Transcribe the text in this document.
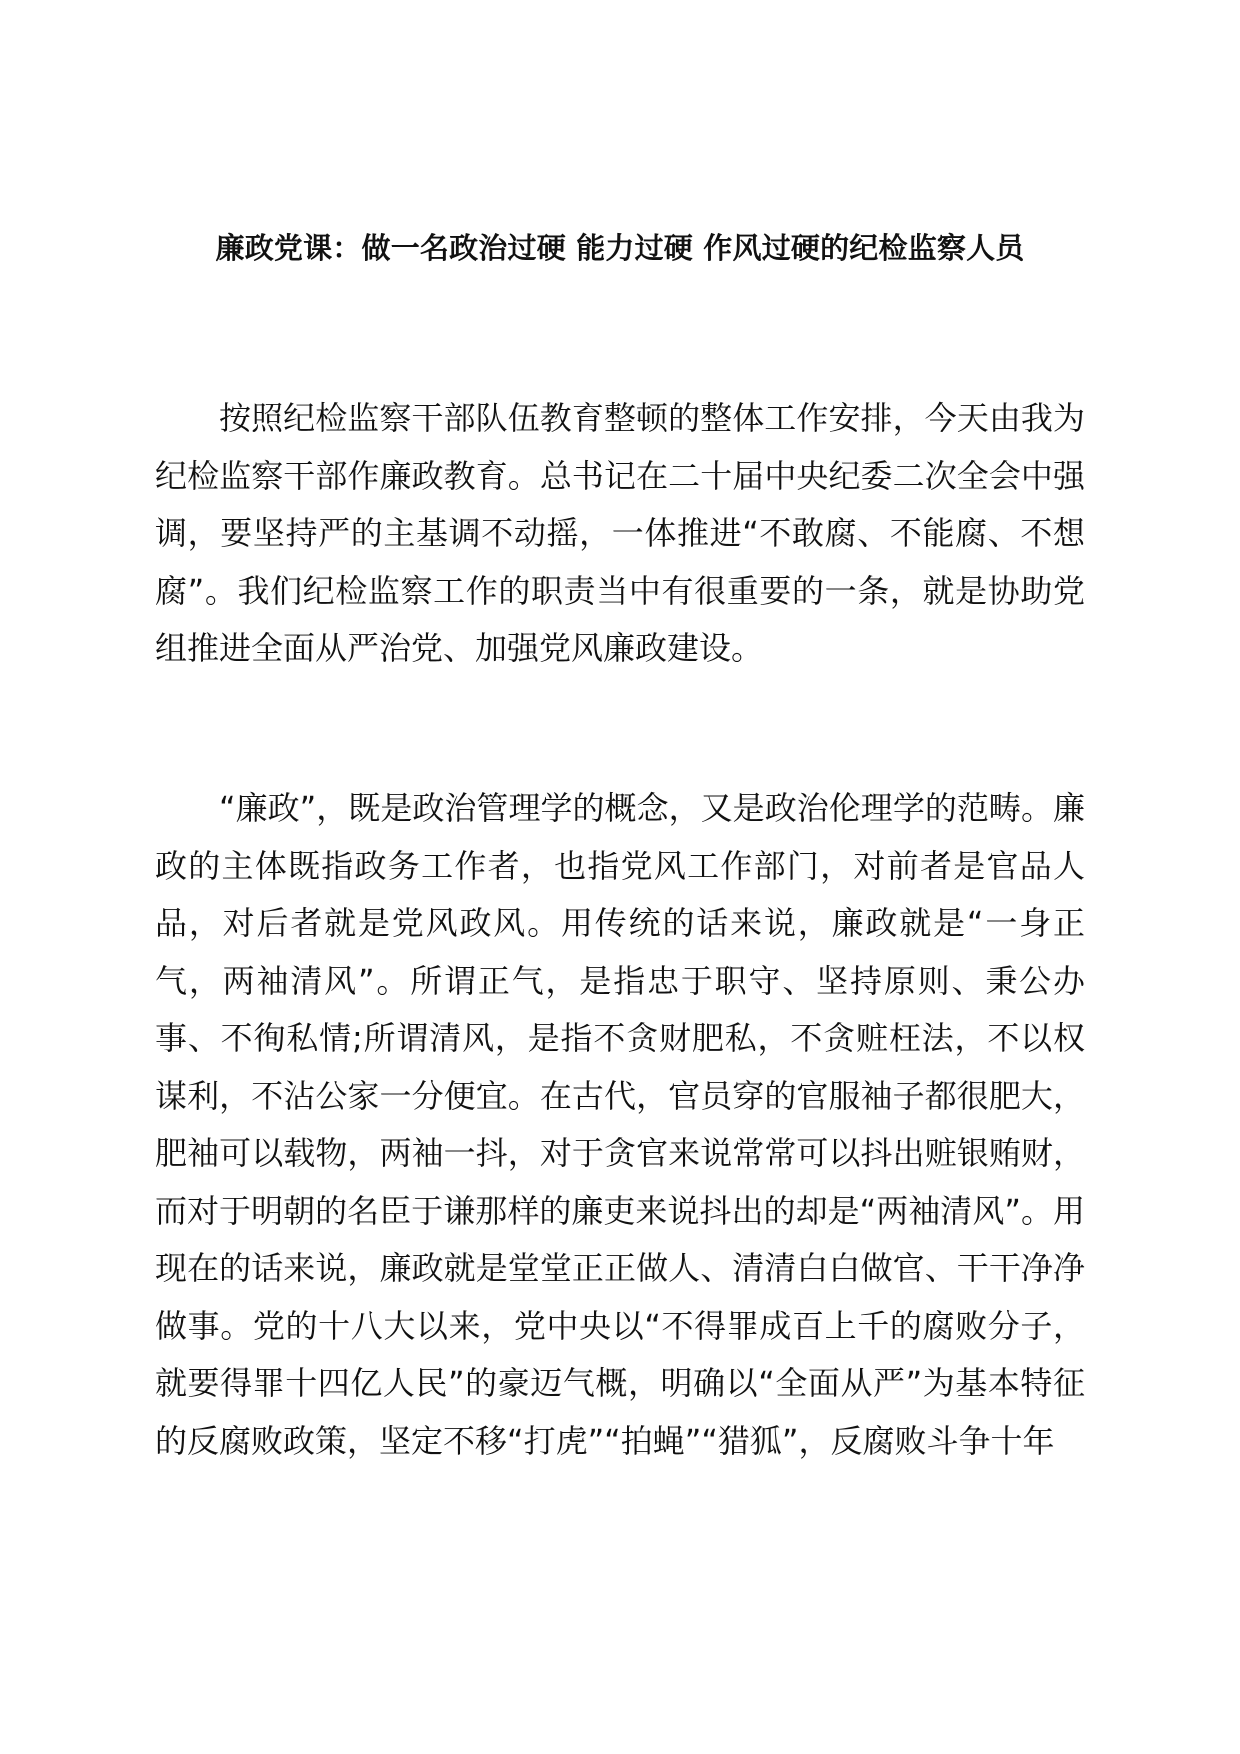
廉政党课：做一名政治过硬 能力过硬 作风过硬的纪检监察人员

按照纪检监察干部队伍教育整顿的整体工作安排，今天由我为纪检监察干部作廉政教育。总书记在二十届中央纪委二次全会中强调，要坚持严的主基调不动摇，一体推进“不敢腐、不能腐、不想腐”。我们纪检监察工作的职责当中有很重要的一条，就是协助党组推进全面从严治党、加强党风廉政建设。

“廉政”，既是政治管理学的概念，又是政治伦理学的范畴。廉政的主体既指政务工作者，也指党风工作部门，对前者是官品人品，对后者就是党风政风。用传统的话来说，廉政就是“一身正气，两袖清风”。所谓正气，是指忠于职守、坚持原则、秉公办事、不徇私情;所谓清风，是指不贪财肥私，不贪赃枉法，不以权谋利，不沾公家一分便宜。在古代，官员穿的官服袖子都很肥大，肥袖可以载物，两袖一抖，对于贪官来说常常可以抖出赃银贿财，而对于明朝的名臣于谦那样的廉吏来说抖出的却是“两袖清风”。用现在的话来说，廉政就是堂堂正正做人、清清白白做官、干干净净做事。党的十八大以来，党中央以“不得罪成百上千的腐败分子，就要得罪十四亿人民”的豪迈气概，明确以“全面从严”为基本特征的反腐败政策，坚定不移“打虎”“拍蝇”“猎狐”，反腐败斗争十年
